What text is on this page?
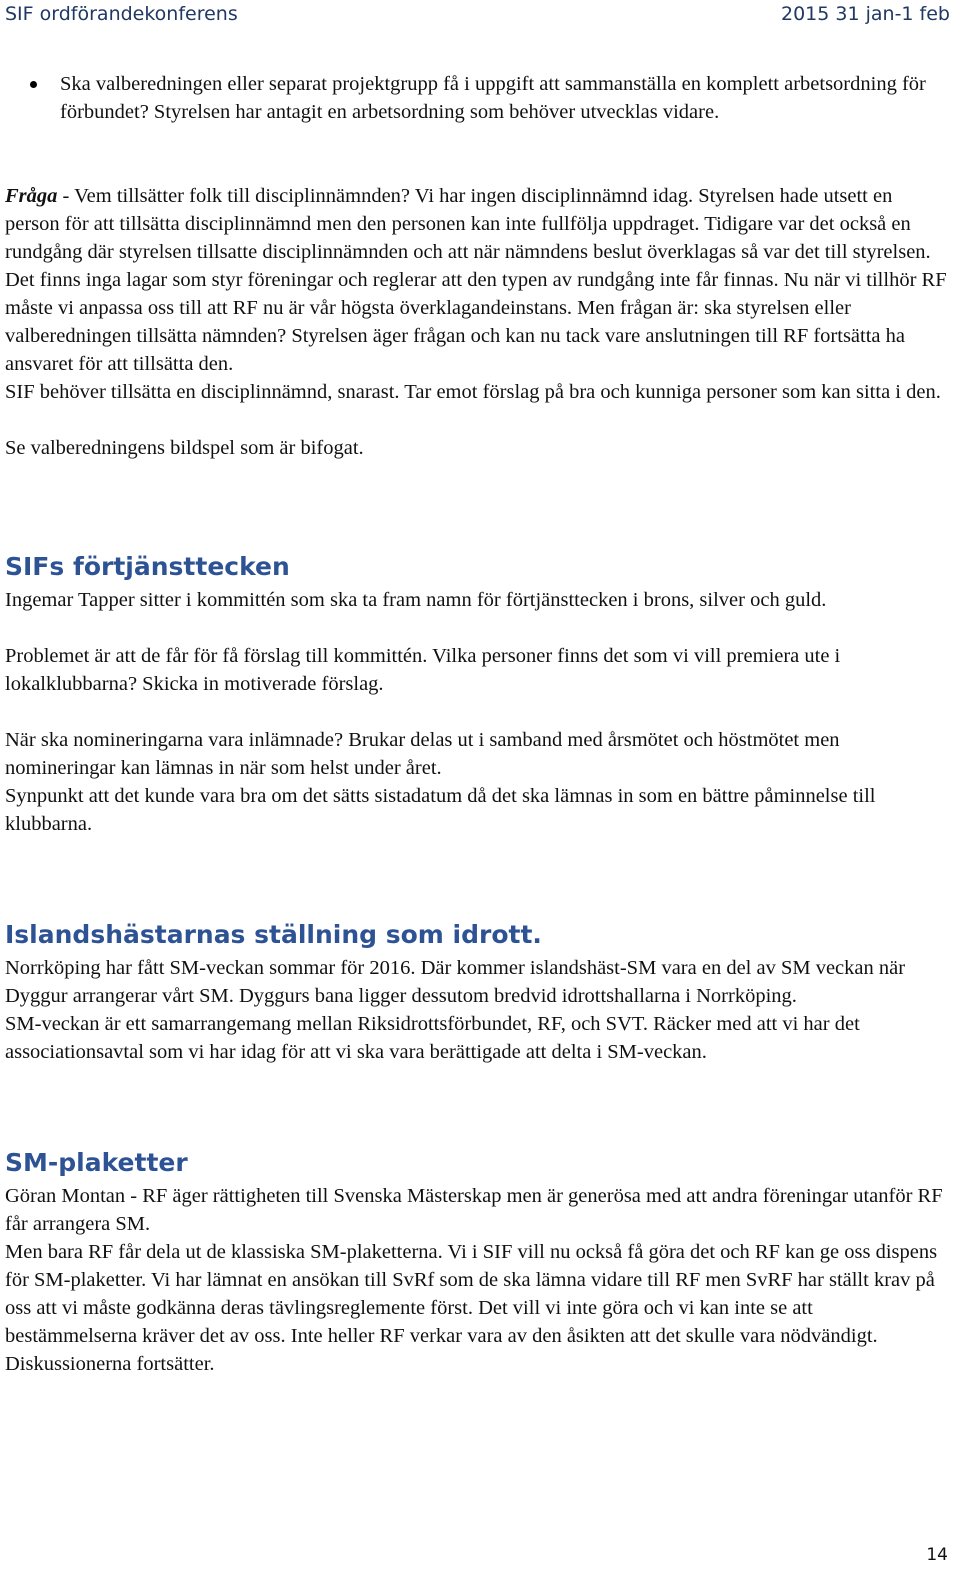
SIF ordförandekonferens	2015 31 jan-1 feb
Ska valberedningen eller separat projektgrupp få i uppgift att sammanställa en komplett arbetsordning för förbundet? Styrelsen har antagit en arbetsordning som behöver utvecklas vidare.

Fråga - Vem tillsätter folk till disciplinnämnden? Vi har ingen disciplinnämnd idag. Styrelsen hade utsett en person för att tillsätta disciplinnämnd men den personen kan inte fullfölja uppdraget. Tidigare var det också en rundgång där styrelsen tillsatte disciplinnämnden och att när nämndens beslut överklagas så var det till styrelsen. Det finns inga lagar som styr föreningar och reglerar att den typen av rundgång inte får finnas. Nu när vi tillhör RF måste vi anpassa oss till att RF nu är vår högsta överklagandeinstans. Men frågan är: ska styrelsen eller valberedningen tillsätta nämnden? Styrelsen äger frågan och kan nu tack vare anslutningen till RF fortsätta ha ansvaret för att tillsätta den.

SIF behöver tillsätta en disciplinnämnd, snarast. Tar emot förslag på bra och kunniga personer som kan sitta i den.

Se valberedningens bildspel som är bifogat.

SIFs förtjänsttecken

Ingemar Tapper sitter i kommittén som ska ta fram namn för förtjänsttecken i brons, silver och guld.

Problemet är att de får för få förslag till kommittén. Vilka personer finns det som vi vill premiera ute i lokalklubbarna? Skicka in motiverade förslag.

När ska nomineringarna vara inlämnade? Brukar delas ut i samband med årsmötet och höstmötet men nomineringar kan lämnas in när som helst under året.

Synpunkt att det kunde vara bra om det sätts sistadatum då det ska lämnas in som en bättre påminnelse till klubbarna.

Islandshästarnas ställning som idrott.

Norrköping har fått SM-veckan sommar för 2016. Där kommer islandshäst-SM vara en del av SM veckan när Dyggur arrangerar vårt SM. Dyggurs bana ligger dessutom bredvid idrottshallarna i Norrköping.

SM-veckan är ett samarrangemang mellan Riksidrottsförbundet, RF, och SVT. Räcker med att vi har det associationsavtal som vi har idag för att vi ska vara berättigade att delta i SM-veckan.

SM-plaketter

Göran Montan - RF äger rättigheten till Svenska Mästerskap men är generösa med att andra föreningar utanför RF får arrangera SM.

Men bara RF får dela ut de klassiska SM-plaketterna. Vi i SIF vill nu också få göra det och RF kan ge oss dispens för SM-plaketter. Vi har lämnat en ansökan till SvRf som de ska lämna vidare till RF men SvRF har ställt krav på oss att vi måste godkänna deras tävlingsreglemente först. Det vill vi inte göra och vi kan inte se att bestämmelserna kräver det av oss. Inte heller RF verkar vara av den åsikten att det skulle vara nödvändigt. Diskussionerna fortsätter.

14
